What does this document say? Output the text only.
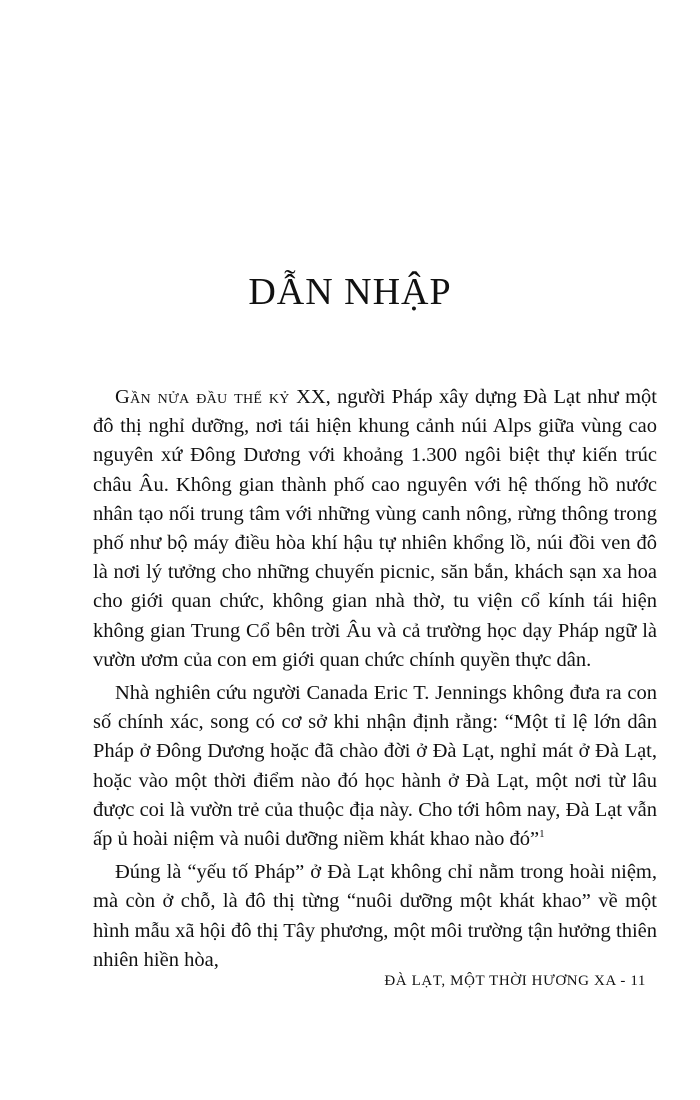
DẪN NHẬP

Gần nửa đầu thế kỷ XX, người Pháp xây dựng Đà Lạt như một đô thị nghỉ dưỡng, nơi tái hiện khung cảnh núi Alps giữa vùng cao nguyên xứ Đông Dương với khoảng 1.300 ngôi biệt thự kiến trúc châu Âu. Không gian thành phố cao nguyên với hệ thống hồ nước nhân tạo nối trung tâm với những vùng canh nông, rừng thông trong phố như bộ máy điều hòa khí hậu tự nhiên khổng lồ, núi đồi ven đô là nơi lý tưởng cho những chuyến picnic, săn bắn, khách sạn xa hoa cho giới quan chức, không gian nhà thờ, tu viện cổ kính tái hiện không gian Trung Cổ bên trời Âu và cả trường học dạy Pháp ngữ là vườn ươm của con em giới quan chức chính quyền thực dân.

Nhà nghiên cứu người Canada Eric T. Jennings không đưa ra con số chính xác, song có cơ sở khi nhận định rằng: “Một tỉ lệ lớn dân Pháp ở Đông Dương hoặc đã chào đời ở Đà Lạt, nghỉ mát ở Đà Lạt, hoặc vào một thời điểm nào đó học hành ở Đà Lạt, một nơi từ lâu được coi là vườn trẻ của thuộc địa này. Cho tới hôm nay, Đà Lạt vẫn ấp ủ hoài niệm và nuôi dưỡng niềm khát khao nào đó”$^1$

Đúng là “yếu tố Pháp” ở Đà Lạt không chỉ nằm trong hoài niệm, mà còn ở chỗ, là đô thị từng “nuôi dưỡng một khát khao” về một hình mẫu xã hội đô thị Tây phương, một môi trường tận hưởng thiên nhiên hiền hòa,

ĐÀ LẠT, MỘT THỜI HƯƠNG XA - 11
